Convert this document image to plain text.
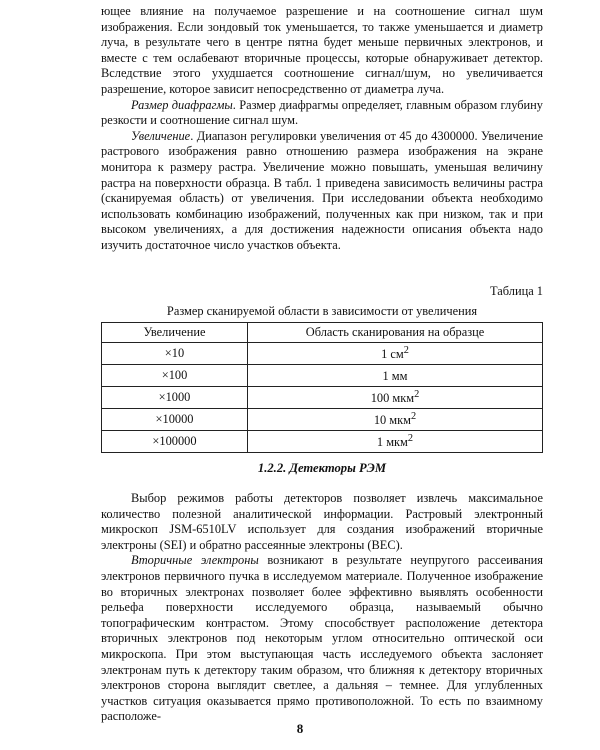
ющее влияние на получаемое разрешение и на соотношение сигнал шум изображения. Если зондовый ток уменьшается, то также уменьшается и диаметр луча, в результате чего в центре пятна будет меньше первичных электронов, и вместе с тем ослабевают вторичные процессы, которые обнаруживает детектор. Вследствие этого ухудшается соотношение сигнал/шум, но увеличивается разрешение, которое зависит непосредственно от диаметра луча.

Размер диафрагмы. Размер диафрагмы определяет, главным образом глубину резкости и соотношение сигнал шум.

Увеличение. Диапазон регулировки увеличения от 45 до 4300000. Увеличение растрового изображения равно отношению размера изображения на экране монитора к размеру растра. Увеличение можно повышать, уменьшая величину растра на поверхности образца. В табл. 1 приведена зависимость величины растра (сканируемая область) от увеличения. При исследовании объекта необходимо использовать комбинацию изображений, полученных как при низком, так и при высоком увеличениях, а для достижения надежности описания объекта надо изучить достаточное число участков объекта.

Таблица 1
Размер сканируемой области в зависимости от увеличения
Увеличение	Область сканирования на образце
×10	1 $см^2$
×100	1 мм
×1000	100 мкм$^2$
×10000	10 мкм$^2$
×100000	1 мкм$^2$
1.2.2. Детекторы РЭМ

Выбор режимов работы детекторов позволяет извлечь максимальное количество полезной аналитической информации. Растровый электронный микроскоп JSM-6510LV использует для создания изображений вторичные электроны (SEI) и обратно рассеянные электроны (BEC).

Вторичные электроны возникают в результате неупругого рассеивания электронов первичного пучка в исследуемом материале. Полученное изображение во вторичных электронах позволяет более эффективно выявлять особенности рельефа поверхности исследуемого образца, называемый обычно топографическим контрастом. Этому способствует расположение детектора вторичных электронов под некоторым углом относительно оптической оси микроскопа. При этом выступающая часть исследуемого объекта заслоняет электронам путь к детектору таким образом, что ближняя к детектору вторичных электронов сторона выглядит светлее, а дальняя – темнее. Для углубленных участков ситуация оказывается прямо противоположной. То есть по взаимному расположе-

8
